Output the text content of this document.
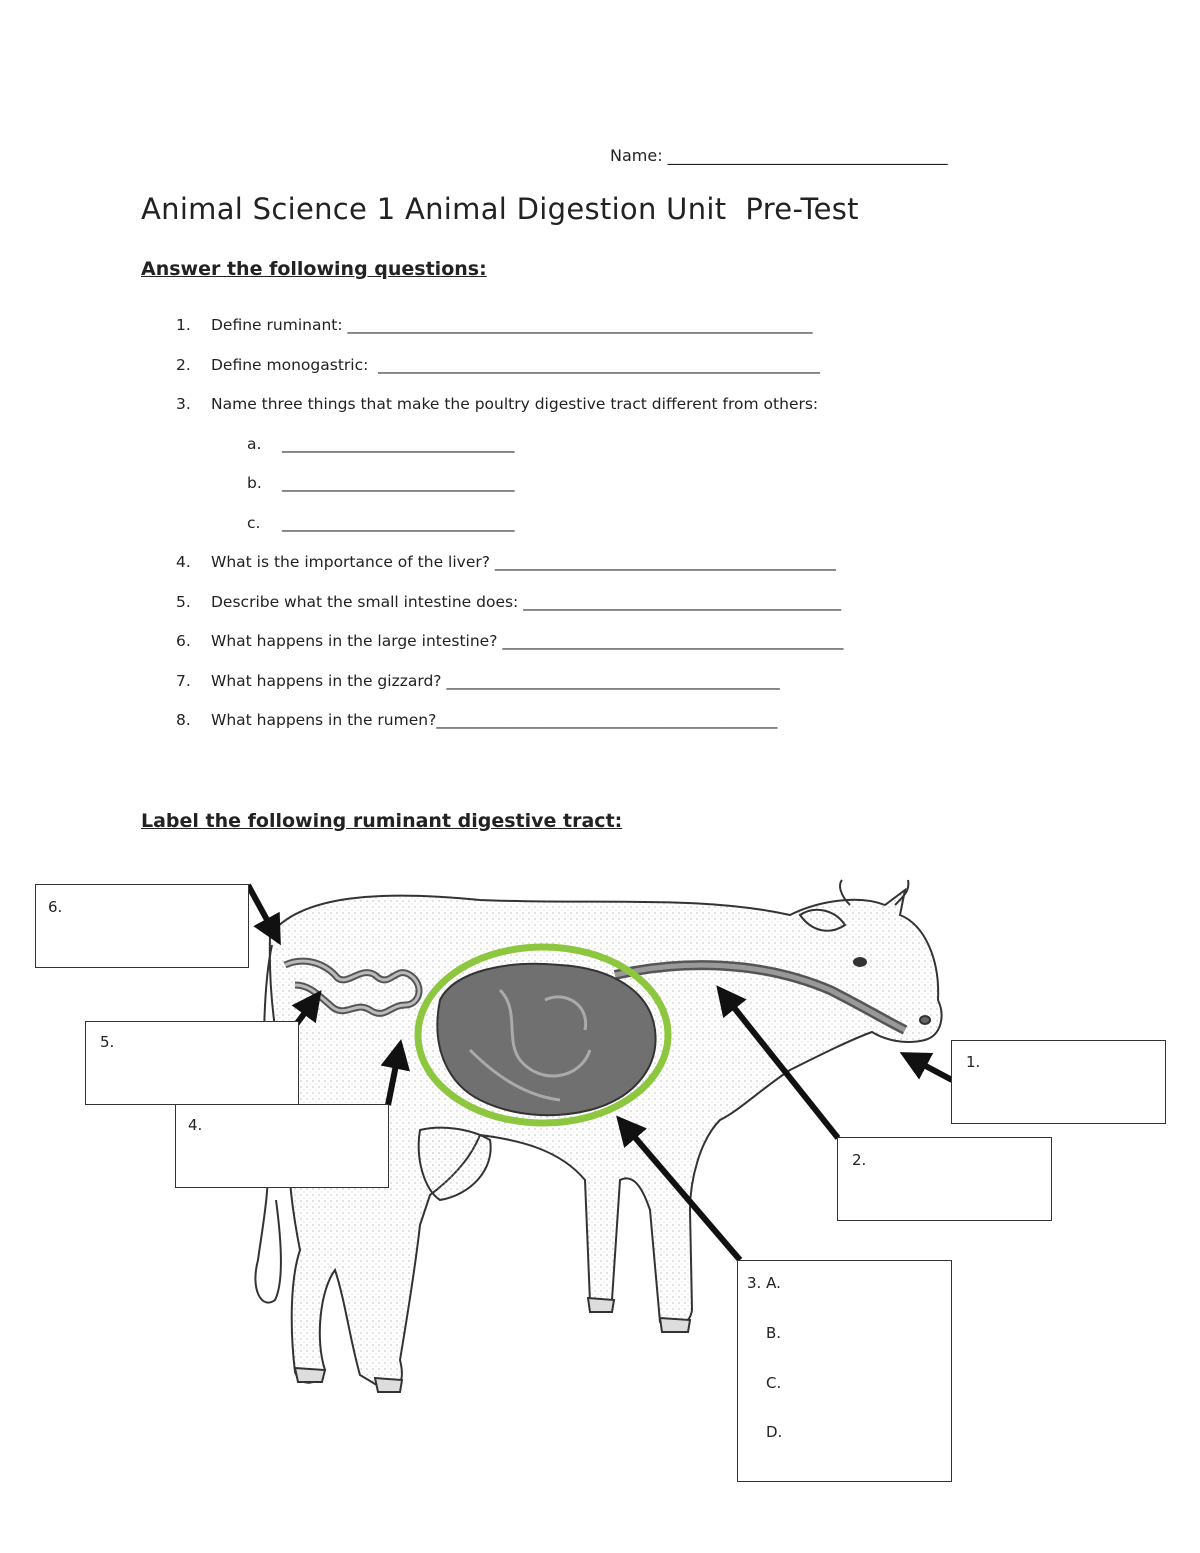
Name: ___________________________________
Animal Science 1 Animal Digestion Unit  Pre-Test
Answer the following questions:
1. Define ruminant: ____________________________________________________________
2. Define monogastric:  _________________________________________________________
3. Name three things that make the poultry digestive tract different from others:
a. ______________________________
b. ______________________________
c. ______________________________
4. What is the importance of the liver? ____________________________________________
5. Describe what the small intestine does: _________________________________________
6. What happens in the large intestine? ____________________________________________
7. What happens in the gizzard? ___________________________________________
8. What happens in the rumen?____________________________________________
Label the following ruminant digestive tract:
6.
5.
4.
1.
2.
3. A.
B.
C.
D.
